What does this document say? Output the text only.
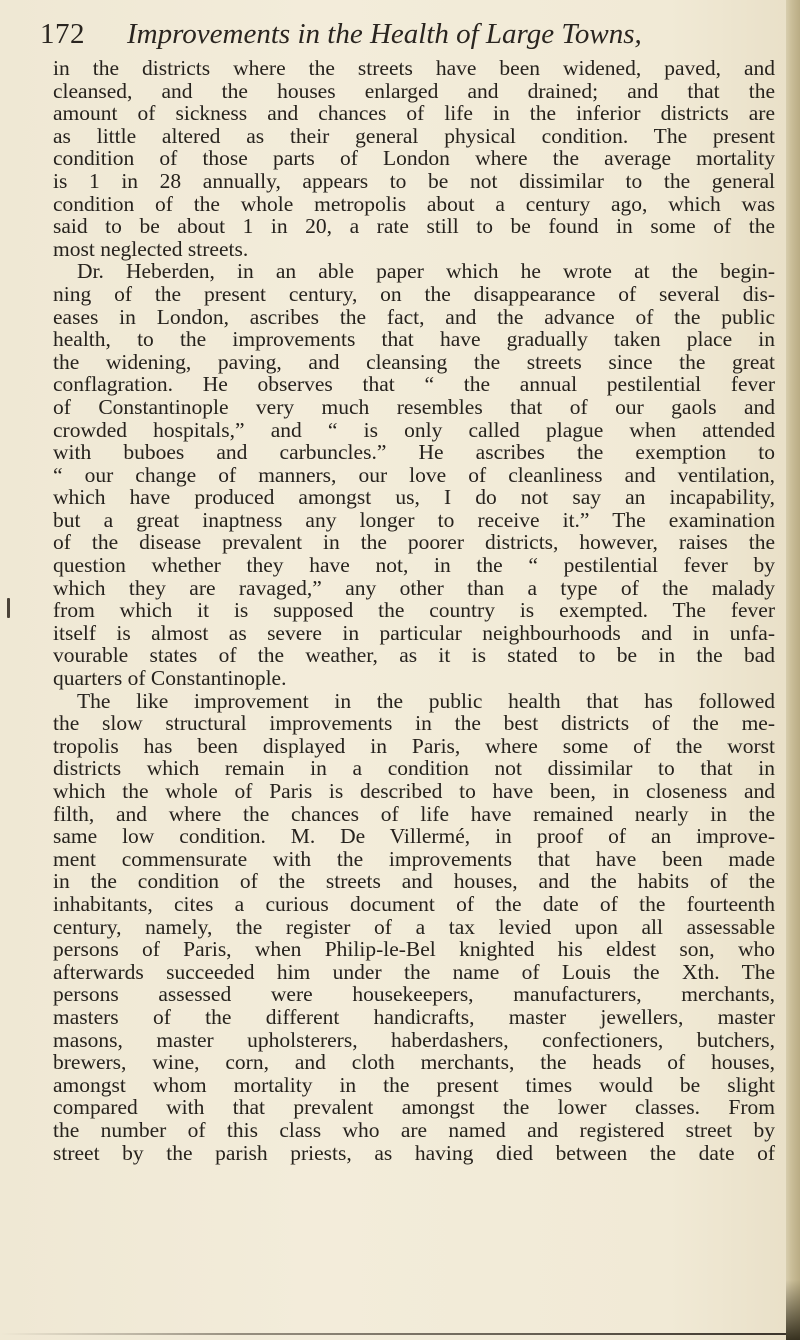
172 Improvements in the Health of Large Towns,
in the districts where the streets have been widened, paved, and
cleansed, and the houses enlarged and drained; and that the
amount of sickness and chances of life in the inferior districts are
as little altered as their general physical condition. The present
condition of those parts of London where the average mortality
is 1 in 28 annually, appears to be not dissimilar to the general
condition of the whole metropolis about a century ago, which was
said to be about 1 in 20, a rate still to be found in some of the
most neglected streets.
Dr. Heberden, in an able paper which he wrote at the begin-
ning of the present century, on the disappearance of several dis-
eases in London, ascribes the fact, and the advance of the public
health, to the improvements that have gradually taken place in
the widening, paving, and cleansing the streets since the great
conflagration. He observes that “ the annual pestilential fever
of Constantinople very much resembles that of our gaols and
crowded hospitals,” and “ is only called plague when attended
with buboes and carbuncles.” He ascribes the exemption to
“ our change of manners, our love of cleanliness and ventilation,
which have produced amongst us, I do not say an incapability,
but a great inaptness any longer to receive it.” The examination
of the disease prevalent in the poorer districts, however, raises the
question whether they have not, in the “ pestilential fever by
which they are ravaged,” any other than a type of the malady
from which it is supposed the country is exempted. The fever
itself is almost as severe in particular neighbourhoods and in unfa-
vourable states of the weather, as it is stated to be in the bad
quarters of Constantinople.
The like improvement in the public health that has followed
the slow structural improvements in the best districts of the me-
tropolis has been displayed in Paris, where some of the worst
districts which remain in a condition not dissimilar to that in
which the whole of Paris is described to have been, in closeness and
filth, and where the chances of life have remained nearly in the
same low condition. M. De Villermé, in proof of an improve-
ment commensurate with the improvements that have been made
in the condition of the streets and houses, and the habits of the
inhabitants, cites a curious document of the date of the fourteenth
century, namely, the register of a tax levied upon all assessable
persons of Paris, when Philip-le-Bel knighted his eldest son, who
afterwards succeeded him under the name of Louis the Xth. The
persons assessed were housekeepers, manufacturers, merchants,
masters of the different handicrafts, master jewellers, master
masons, master upholsterers, haberdashers, confectioners, butchers,
brewers, wine, corn, and cloth merchants, the heads of houses,
amongst whom mortality in the present times would be slight
compared with that prevalent amongst the lower classes. From
the number of this class who are named and registered street by
street by the parish priests, as having died between the date of
